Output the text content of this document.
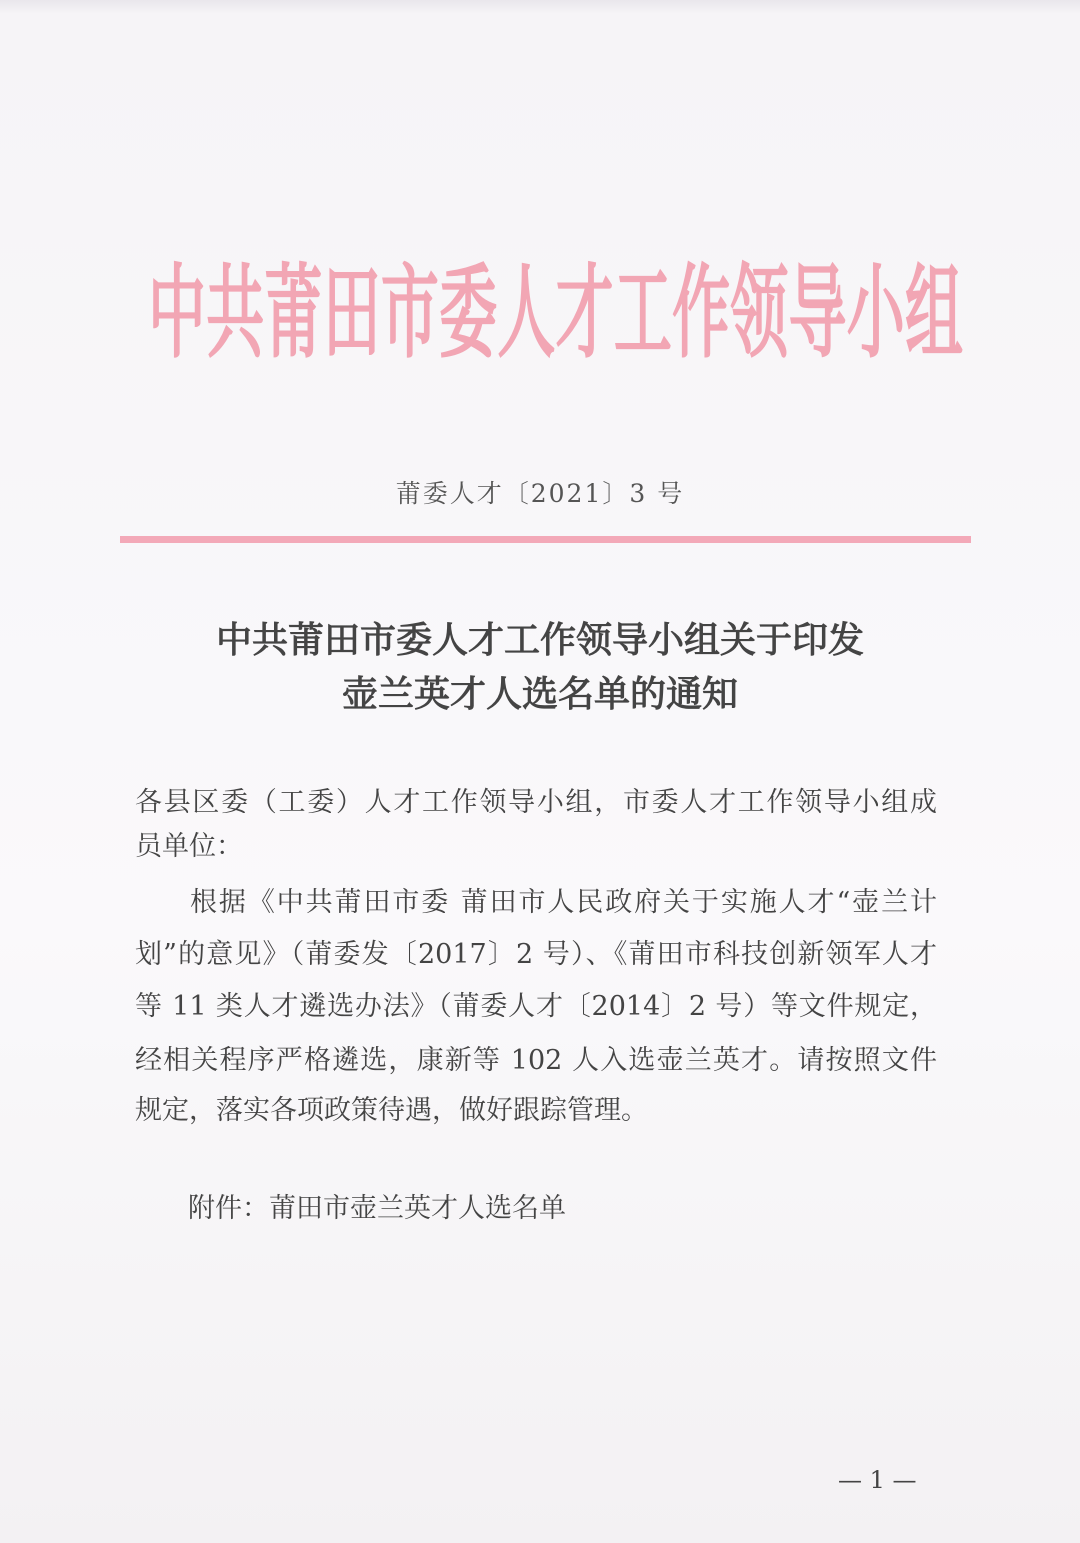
中共莆田市委人才工作领导小组
莆委人才〔2021〕3 号
中共莆田市委人才工作领导小组关于印发
壶兰英才人选名单的通知
各县区委（工委）人才工作领导小组，市委人才工作领导小组成
员单位：
根据《中共莆田市委 莆田市人民政府关于实施人才“壶兰计
划”的意见》（莆委发〔2017〕2 号）、《莆田市科技创新领军人才
等 11 类人才遴选办法》（莆委人才〔2014〕2 号）等文件规定，
经相关程序严格遴选，康新等 102 人入选壶兰英才。请按照文件
规定，落实各项政策待遇，做好跟踪管理。
附件：莆田市壶兰英才人选名单
— 1 —
